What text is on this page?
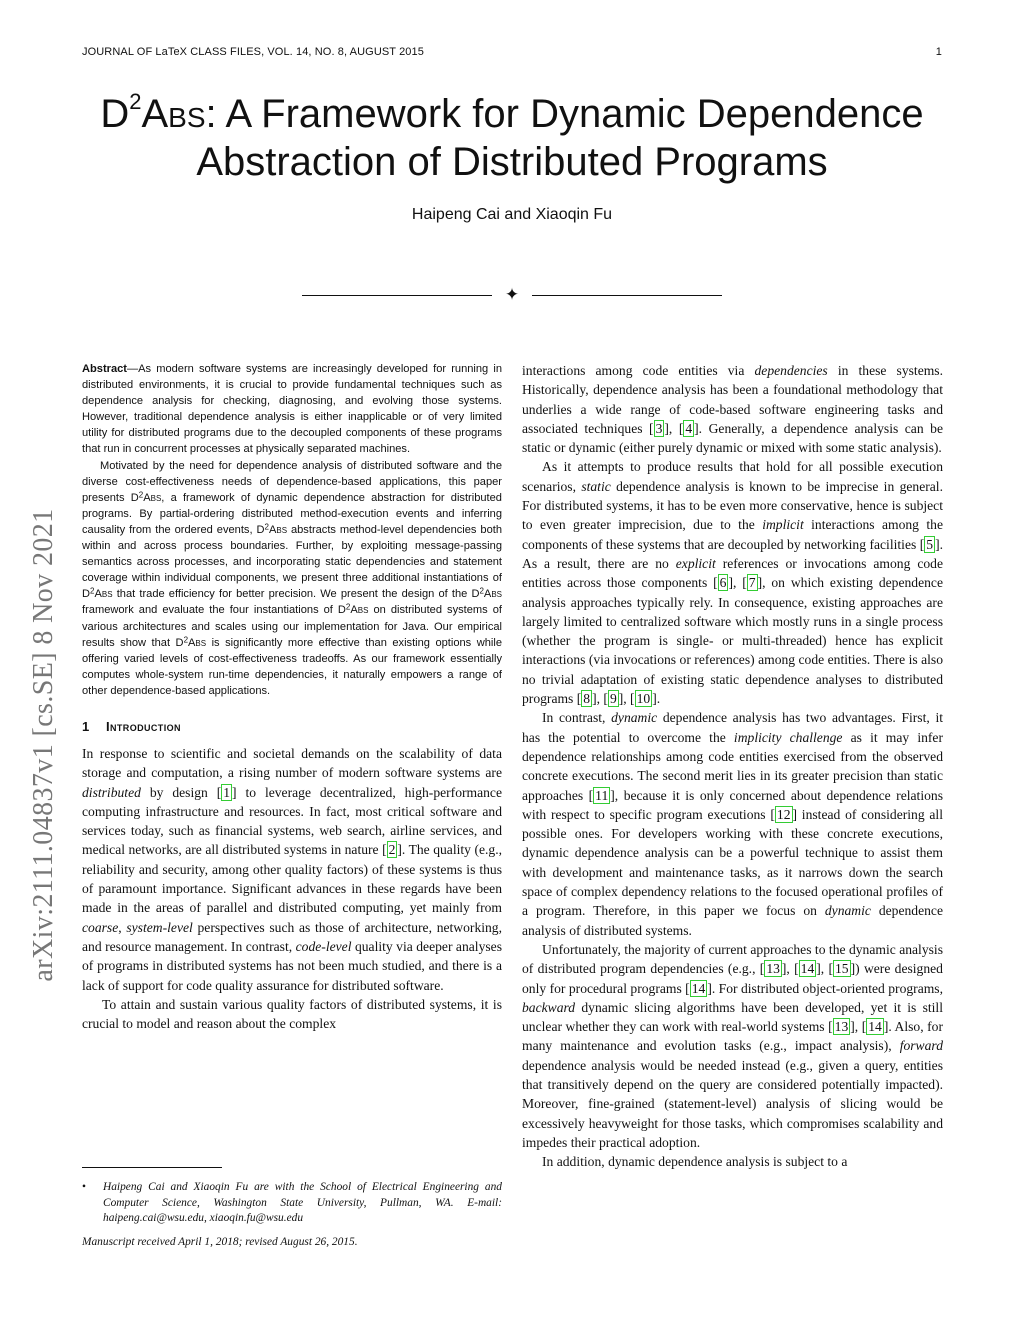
JOURNAL OF LaTeX CLASS FILES, VOL. 14, NO. 8, AUGUST 2015	1
$D^2Abs$: A Framework for Dynamic Dependence
Abstraction of Distributed Programs
Haipeng Cai and Xiaoqin Fu
✦
arXiv:2111.04837v1 [cs.SE] 8 Nov 2021

Abstract—As modern software systems are increasingly developed for running in distributed environments, it is crucial to provide fundamental techniques such as dependence analysis for checking, diagnosing, and evolving those systems. However, traditional dependence analysis is either inapplicable or of very limited utility for distributed programs due to the decoupled components of these programs that run in concurrent processes at physically separated machines.

Motivated by the need for dependence analysis of distributed software and the diverse cost-effectiveness needs of dependence-based applications, this paper presents $D^2Abs$, a framework of dynamic dependence abstraction for distributed programs. By partial-ordering distributed method-execution events and inferring causality from the ordered events, $D^2Abs$ abstracts method-level dependencies both within and across process boundaries. Further, by exploiting message-passing semantics across processes, and incorporating static dependencies and statement coverage within individual components, we present three additional instantiations of $D^2Abs$ that trade efficiency for better precision. We present the design of the $D^2Abs$ framework and evaluate the four instantiations of $D^2Abs$ on distributed systems of various architectures and scales using our implementation for Java. Our empirical results show that $D^2Abs$ is significantly more effective than existing options while offering varied levels of cost-effectiveness tradeoffs. As our framework essentially computes whole-system run-time dependencies, it naturally empowers a range of other dependence-based applications.

1 Introduction

In response to scientific and societal demands on the scalability of data storage and computation, a rising number of modern software systems are distributed by design [ 1 ] to leverage decentralized, high-performance computing infrastructure and resources. In fact, most critical software and services today, such as financial systems, web search, airline services, and medical networks, are all distributed systems in nature [ 2 ]. The quality (e.g., reliability and security, among other quality factors) of these systems is thus of paramount importance. Significant advances in these regards have been made in the areas of parallel and distributed computing, yet mainly from coarse, system-level perspectives such as those of architecture, networking, and resource management. In contrast, code-level quality via deeper analyses of programs in distributed systems has not been much studied, and there is a lack of support for code quality assurance for distributed software.

To attain and sustain various quality factors of distributed systems, it is crucial to model and reason about the complex

• Haipeng Cai and Xiaoqin Fu are with the School of Electrical Engineering and Computer Science, Washington State University, Pullman, WA. E-mail: haipeng.cai@wsu.edu, xiaoqin.fu@wsu.edu
Manuscript received April 1, 2018; revised August 26, 2015.

interactions among code entities via dependencies in these systems. Historically, dependence analysis has been a foundational methodology that underlies a wide range of code-based software engineering tasks and associated techniques [ 3 ], [ 4 ]. Generally, a dependence analysis can be static or dynamic (either purely dynamic or mixed with some static analysis).

As it attempts to produce results that hold for all possible execution scenarios, static dependence analysis is known to be imprecise in general. For distributed systems, it has to be even more conservative, hence is subject to even greater imprecision, due to the implicit interactions among the components of these systems that are decoupled by networking facilities [ 5 ]. As a result, there are no explicit references or invocations among code entities across those components [ 6 ], [ 7 ], on which existing dependence analysis approaches typically rely. In consequence, existing approaches are largely limited to centralized software which mostly runs in a single process (whether the program is single- or multi-threaded) hence has explicit interactions (via invocations or references) among code entities. There is also no trivial adaptation of existing static dependence analyses to distributed programs [ 8 ], [ 9 ], [ 10 ].

In contrast, dynamic dependence analysis has two advantages. First, it has the potential to overcome the implicity challenge as it may infer dependence relationships among code entities exercised from the observed concrete executions. The second merit lies in its greater precision than static approaches [ 11 ], because it is only concerned about dependence relations with respect to specific program executions [ 12 ] instead of considering all possible ones. For developers working with these concrete executions, dynamic dependence analysis can be a powerful technique to assist them with development and maintenance tasks, as it narrows down the search space of complex dependency relations to the focused operational profiles of a program. Therefore, in this paper we focus on dynamic dependence analysis of distributed systems.

Unfortunately, the majority of current approaches to the dynamic analysis of distributed program dependencies (e.g., [ 13 ], [ 14 ], [ 15 ]) were designed only for procedural programs [ 14 ]. For distributed object-oriented programs, backward dynamic slicing algorithms have been developed, yet it is still unclear whether they can work with real-world systems [ 13 ], [ 14 ]. Also, for many maintenance and evolution tasks (e.g., impact analysis), forward dependence analysis would be needed instead (e.g., given a query, entities that transitively depend on the query are considered potentially impacted). Moreover, fine-grained (statement-level) analysis of slicing would be excessively heavyweight for those tasks, which compromises scalability and impedes their practical adoption.

In addition, dynamic dependence analysis is subject to a
